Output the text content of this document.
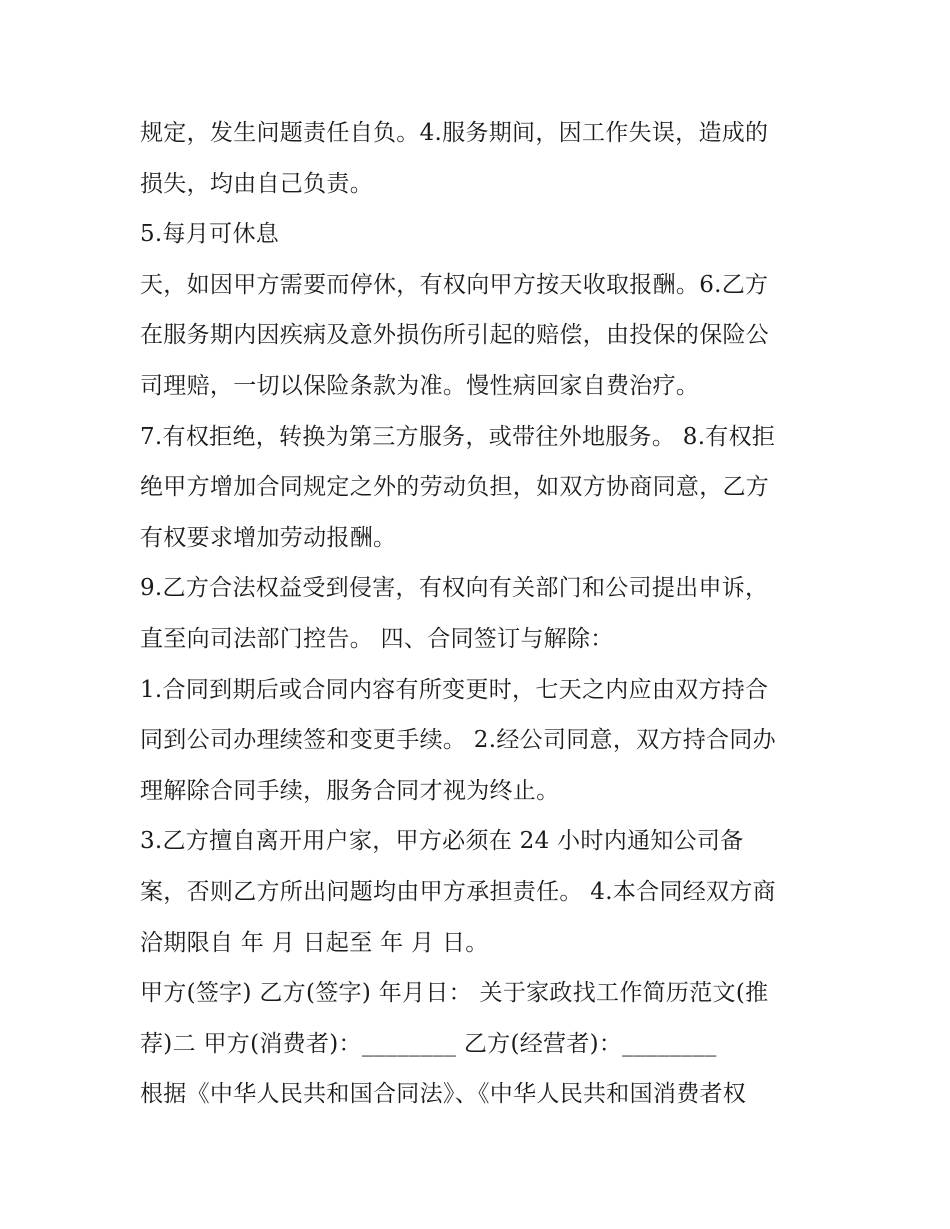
规定，发生问题责任自负。4.服务期间，因工作失误，造成的
损失，均由自己负责。
5.每月可休息
天，如因甲方需要而停休，有权向甲方按天收取报酬。6.乙方
在服务期内因疾病及意外损伤所引起的赔偿，由投保的保险公
司理赔，一切以保险条款为准。慢性病回家自费治疗。
7.有权拒绝，转换为第三方服务，或带往外地服务。 8.有权拒
绝甲方增加合同规定之外的劳动负担，如双方协商同意，乙方
有权要求增加劳动报酬。
9.乙方合法权益受到侵害，有权向有关部门和公司提出申诉，
直至向司法部门控告。 四、合同签订与解除：
1.合同到期后或合同内容有所变更时，七天之内应由双方持合
同到公司办理续签和变更手续。 2.经公司同意，双方持合同办
理解除合同手续，服务合同才视为终止。
3.乙方擅自离开用户家，甲方必须在 24 小时内通知公司备
案，否则乙方所出问题均由甲方承担责任。 4.本合同经双方商
洽期限自 年 月 日起至 年 月 日。
甲方(签字) 乙方(签字) 年月日： 关于家政找工作简历范文(推
荐)二 甲方(消费者)：________ 乙方(经营者)：________
根据《中华人民共和国合同法》、《中华人民共和国消费者权
